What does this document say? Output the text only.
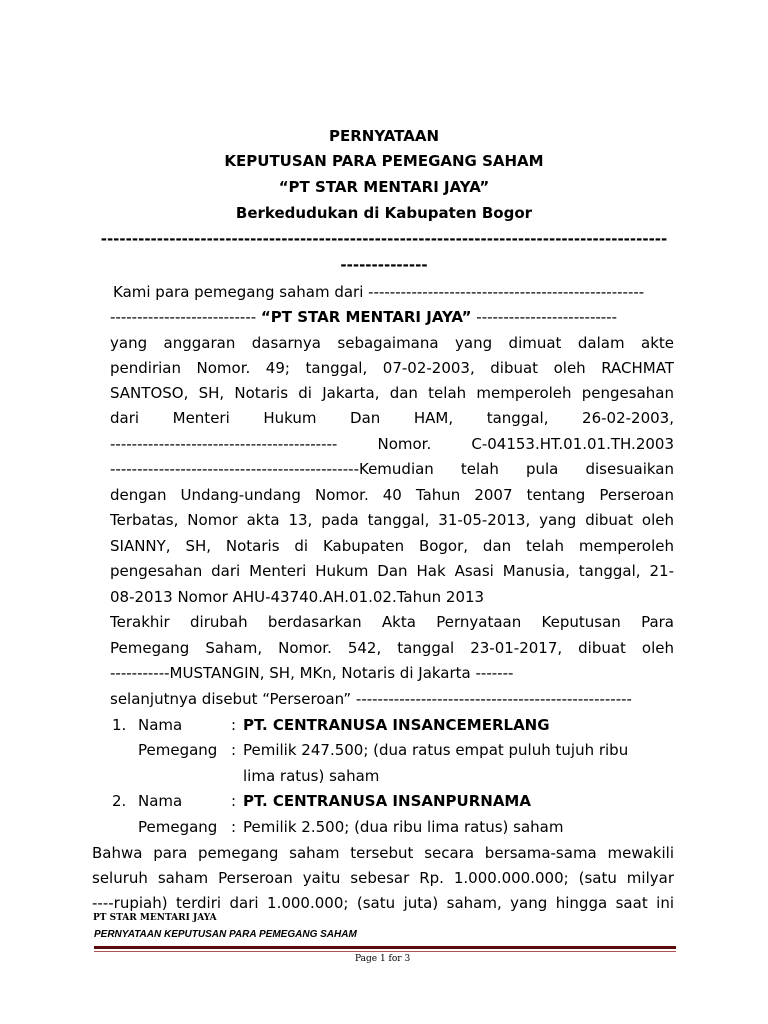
PERNYATAAN
KEPUTUSAN PARA PEMEGANG SAHAM
“PT STAR MENTARI JAYA”
Berkedudukan di Kabupaten Bogor
-------------------------------------------------------------------------------------------
--------------
Kami para pemegang saham dari ---------------------------------------------------
--------------------------- “PT STAR MENTARI JAYA” --------------------------
yang anggaran dasarnya sebagaimana yang dimuat dalam akte
pendirian Nomor. 49; tanggal, 07-02-2003, dibuat oleh RACHMAT
SANTOSO, SH, Notaris di Jakarta, dan telah memperoleh pengesahan
dari Menteri Hukum Dan HAM, tanggal, 26-02-2003,
------------------------------------------ Nomor. C-04153.HT.01.01.TH.2003
----------------------------------------------Kemudian telah pula disesuaikan
dengan Undang-undang Nomor. 40 Tahun 2007 tentang Perseroan
Terbatas, Nomor akta 13, pada tanggal, 31-05-2013, yang dibuat oleh
SIANNY, SH, Notaris di Kabupaten Bogor, dan telah memperoleh
pengesahan dari Menteri Hukum Dan Hak Asasi Manusia, tanggal, 21-
08-2013 Nomor AHU-43740.AH.01.02.Tahun 2013
Terakhir dirubah berdasarkan Akta Pernyataan Keputusan Para
Pemegang Saham, Nomor. 542, tanggal 23-01-2017, dibuat oleh
-----------MUSTANGIN, SH, MKn, Notaris di Jakarta -------
selanjutnya disebut “Perseroan” ---------------------------------------------------
1. Nama	: PT. CENTRANUSA INSANCEMERLANG
Pemegang : Pemilik 247.500; (dua ratus empat puluh tujuh ribu
lima ratus) saham
2. Nama	: PT. CENTRANUSA INSANPURNAMA
Pemegang : Pemilik 2.500; (dua ribu lima ratus) saham
Bahwa para pemegang saham tersebut secara bersama-sama mewakili
seluruh saham Perseroan yaitu sebesar Rp. 1.000.000.000; (satu milyar
----rupiah) terdiri dari 1.000.000; (satu juta) saham, yang hingga saat ini
PT STAR MENTARI JAYA
PERNYATAAN KEPUTUSAN PARA PEMEGANG SAHAM
Page 1 for 3
